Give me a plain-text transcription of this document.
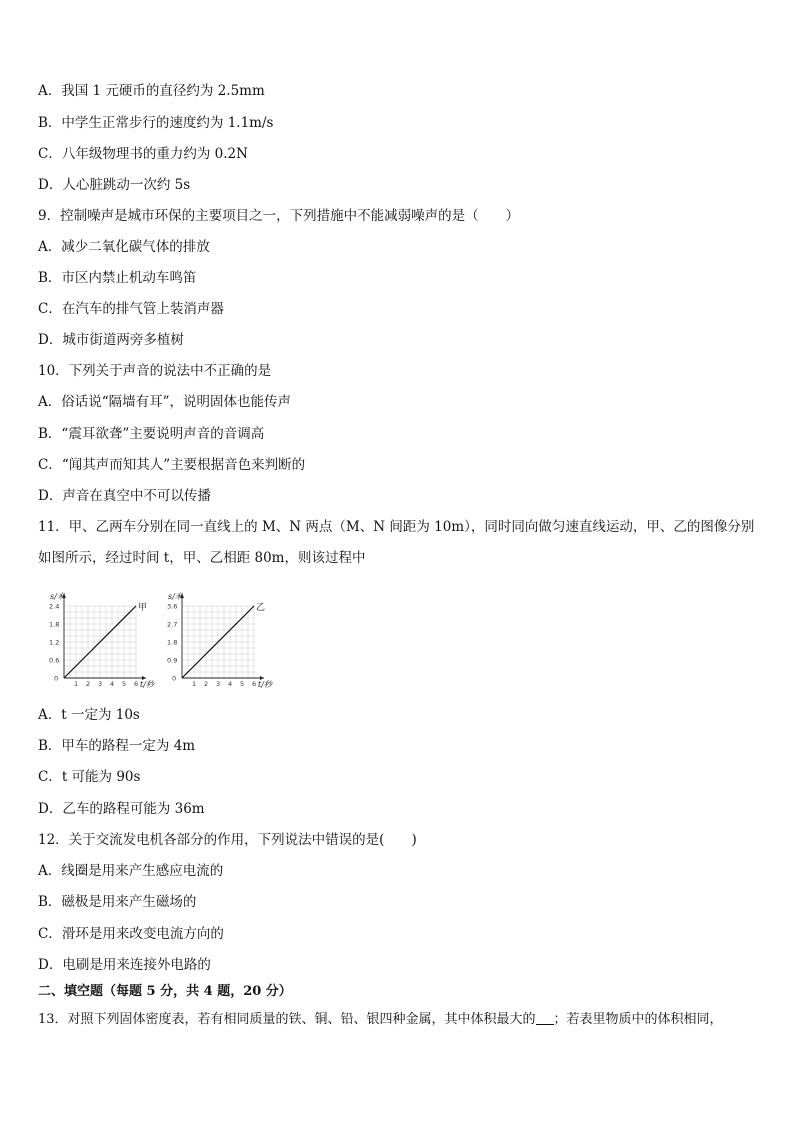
A．我国 1 元硬币的直径约为 2.5mm
B．中学生正常步行的速度约为 1.1m/s
C．八年级物理书的重力约为 0.2N
D．人心脏跳动一次约 5s
9．控制噪声是城市环保的主要项目之一，下列措施中不能减弱噪声的是（　　）
A．减少二氧化碳气体的排放
B．市区内禁止机动车鸣笛
C．在汽车的排气管上装消声器
D．城市街道两旁多植树
10．下列关于声音的说法中不正确的是
A．俗话说“隔墙有耳”，说明固体也能传声
B．“震耳欲聋”主要说明声音的音调高
C．“闻其声而知其人”主要根据音色来判断的
D．声音在真空中不可以传播
11．甲、乙两车分别在同一直线上的 M、N 两点（M、N 间距为 10m），同时同向做匀速直线运动，甲、乙的图像分别
如图所示，经过时间 t，甲、乙相距 80m，则该过程中
2.4
1.8
1.2
0.6
0
1 2 3 4 5 6
s/米
t/秒
甲	3.6
2.7
1.8
0.9
0
1 2 3 4 5 6
s/米
t/秒
乙
A．t 一定为 10s
B．甲车的路程一定为 4m
C．t 可能为 90s
D．乙车的路程可能为 36m
12．关于交流发电机各部分的作用，下列说法中错误的是(　　)
A．线圈是用来产生感应电流的
B．磁极是用来产生磁场的
C．滑环是用来改变电流方向的
D．电刷是用来连接外电路的
二、填空题（每题 5 分，共 4 题，20 分）
13．对照下列固体密度表，若有相同质量的铁、铜、铅、银四种金属，其中体积最大的 ；若表里物质中的体积相同，
